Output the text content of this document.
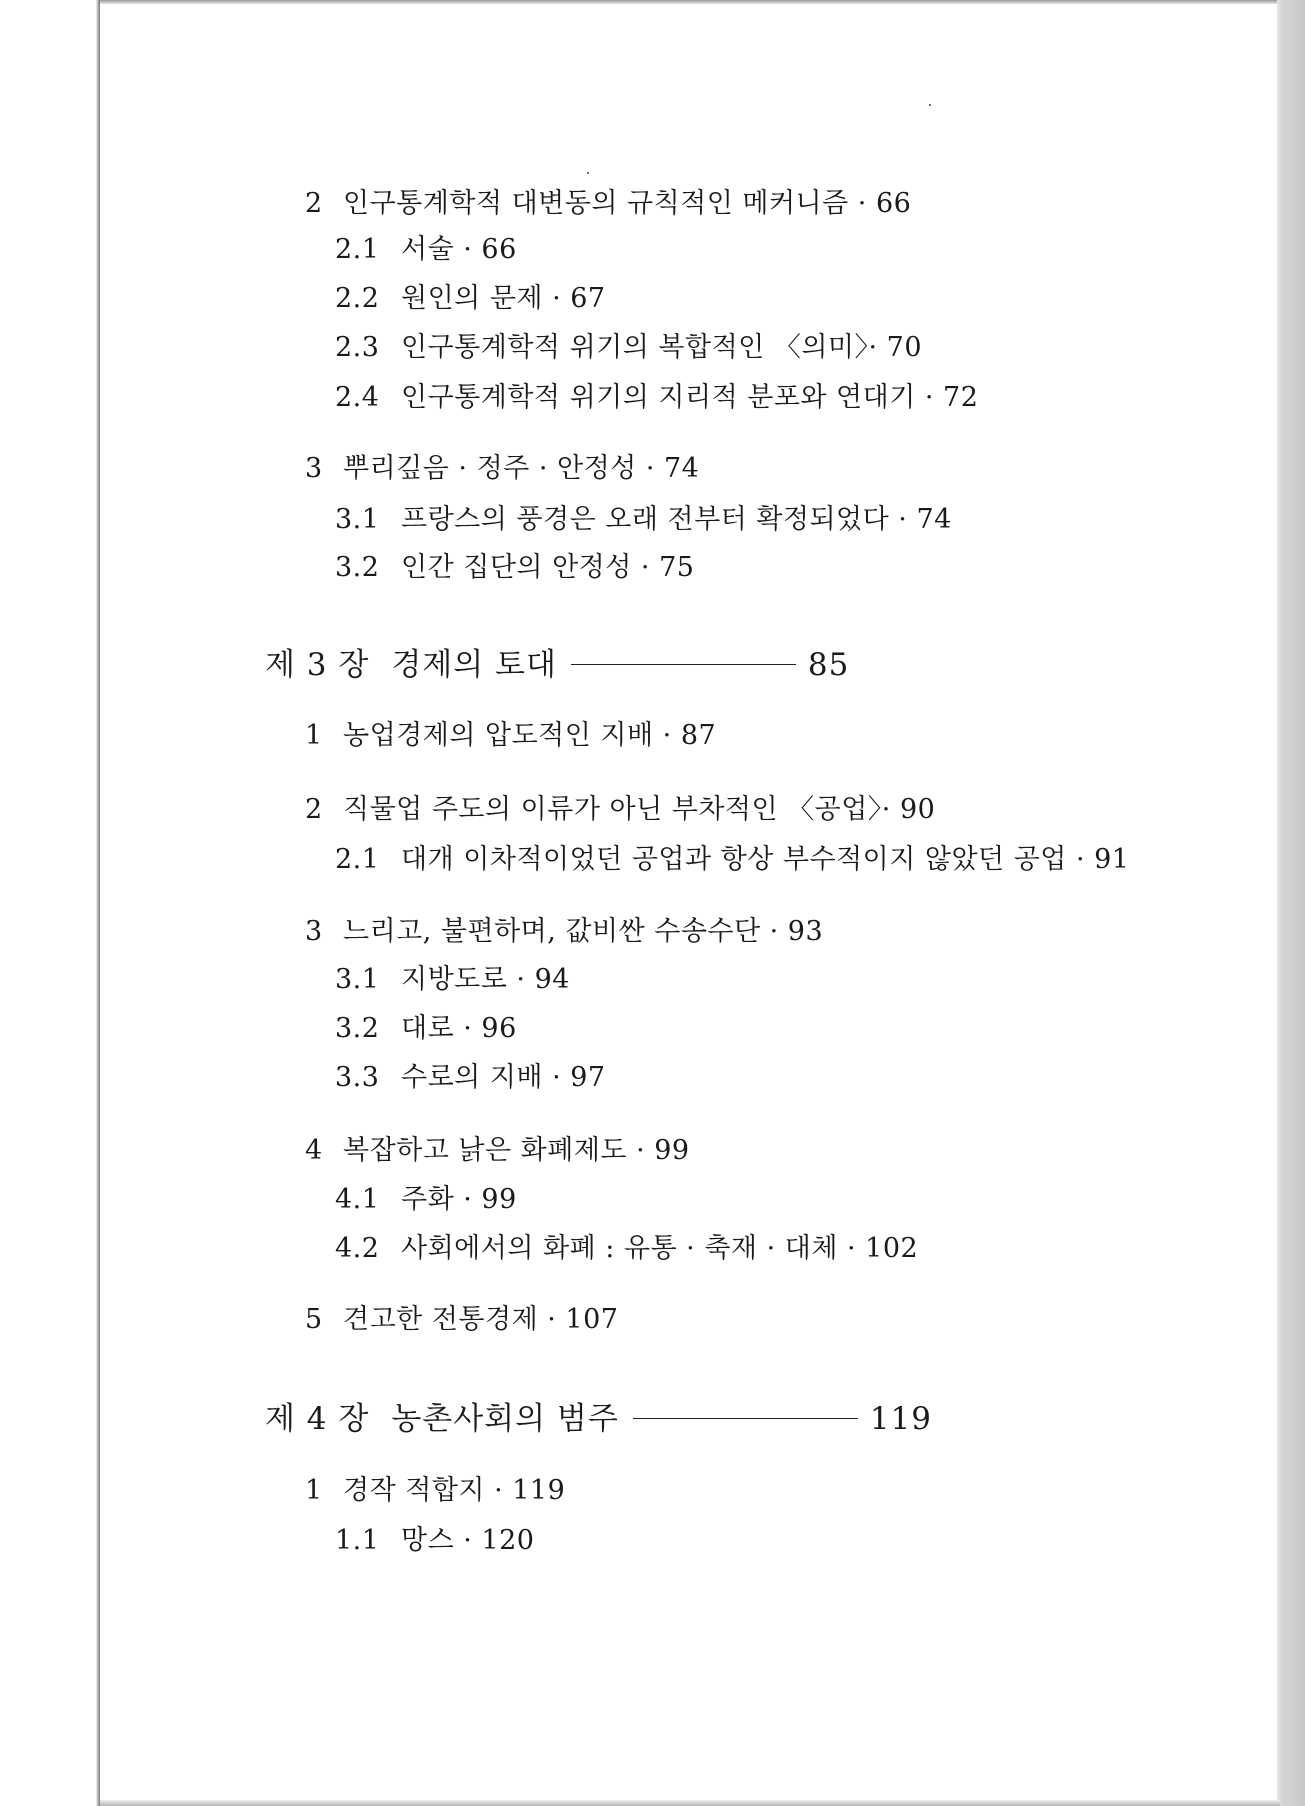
2 인구통계학적 대변동의 규칙적인 메커니즘 · 66
2.1 서술 · 66
2.2 원인의 문제 · 67
2.3 인구통계학적 위기의 복합적인 〈의미〉· 70
2.4 인구통계학적 위기의 지리적 분포와 연대기 · 72
3 뿌리깊음 · 정주 · 안정성 · 74
3.1 프랑스의 풍경은 오래 전부터 확정되었다 · 74
3.2 인간 집단의 안정성 · 75
제 3 장 경제의 토대	85
1 농업경제의 압도적인 지배 · 87
2 직물업 주도의 이류가 아닌 부차적인 〈공업〉· 90
2.1 대개 이차적이었던 공업과 항상 부수적이지 않았던 공업 · 91
3 느리고, 불편하며, 값비싼 수송수단 · 93
3.1 지방도로 · 94
3.2 대로 · 96
3.3 수로의 지배 · 97
4 복잡하고 낡은 화폐제도 · 99
4.1 주화 · 99
4.2 사회에서의 화폐 : 유통 · 축재 · 대체 · 102
5 견고한 전통경제 · 107
제 4 장 농촌사회의 범주	119
1 경작 적합지 · 119
1.1 망스 · 120
